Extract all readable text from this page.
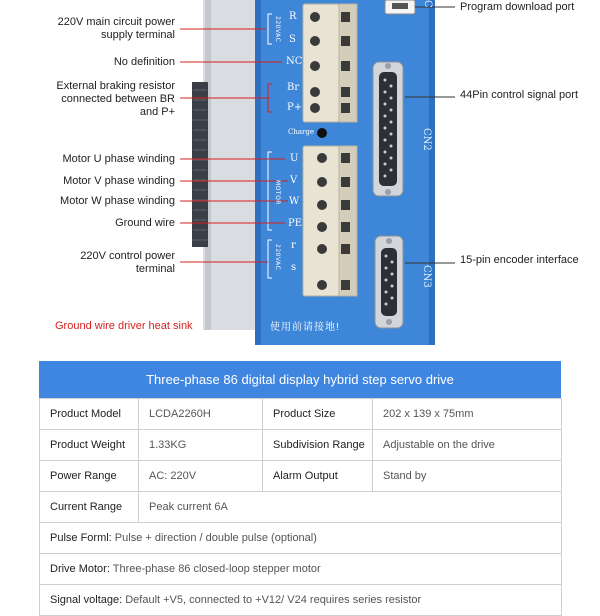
220V main circuit power supply terminal
No definition
External braking resistor connected between BR and P+
Motor U phase winding
Motor V phase winding
Motor W phase winding
Ground wire
220V control power terminal
Ground wire driver heat sink
Program download port
44Pin control signal port
15-pin encoder interface
R
S
NC
Br
P+
Charge
U
V
W
PE
r
s
220VAC
MOTOR
220VAC
C
CN2
CN3
使用前请接地!
Three-phase 86 digital display hybrid step servo drive
Product Model	LCDA2260H	Product Size	202 x 139 x 75mm
Product Weight	1.33KG	Subdivision Range	Adjustable on the drive
Power Range	AC: 220V	Alarm Output	Stand by
Current Range	Peak current 6A		
Pulse Forml: Pulse + direction / double pulse (optional)			
Drive Motor: Three-phase 86 closed-loop stepper motor			
Signal voltage: Default +V5, connected to +V12/ V24 requires series resistor			
